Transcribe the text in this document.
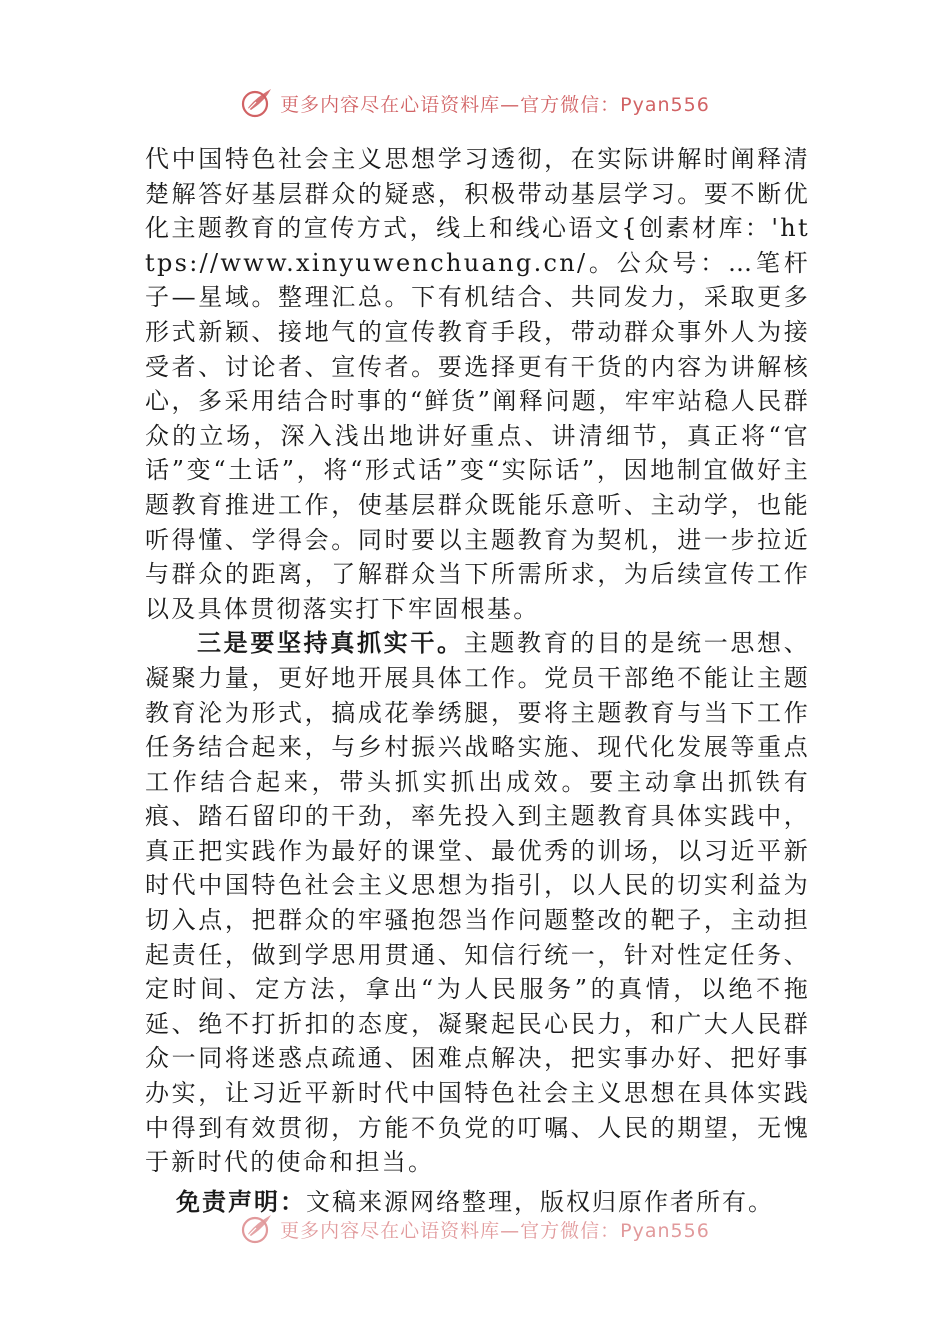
更多内容尽在心语资料库—官方微信：Pyan556

代中国特色社会主义思想学习透彻，在实际讲解时阐释清楚解答好基层群众的疑惑，积极带动基层学习。要不断优化主题教育的宣传方式，线上和线心语文{创素材库：'https://www.xinyuwenchuang.cn/。公众号：…笔杆子—星域。整理汇总。下有机结合、共同发力，采取更多形式新颖、接地气的宣传教育手段，带动群众事外人为接受者、讨论者、宣传者。要选择更有干货的内容为讲解核心，多采用结合时事的“鲜货”阐释问题，牢牢站稳人民群众的立场，深入浅出地讲好重点、讲清细节，真正将“官话”变“土话”，将“形式话”变“实际话”，因地制宜做好主题教育推进工作，使基层群众既能乐意听、主动学，也能听得懂、学得会。同时要以主题教育为契机，进一步拉近与群众的距离，了解群众当下所需所求，为后续宣传工作以及具体贯彻落实打下牢固根基。

三是要坚持真抓实干。主题教育的目的是统一思想、凝聚力量，更好地开展具体工作。党员干部绝不能让主题教育沦为形式，搞成花拳绣腿，要将主题教育与当下工作任务结合起来，与乡村振兴战略实施、现代化发展等重点工作结合起来，带头抓实抓出成效。要主动拿出抓铁有痕、踏石留印的干劲，率先投入到主题教育具体实践中，真正把实践作为最好的课堂、最优秀的训场，以习近平新时代中国特色社会主义思想为指引，以人民的切实利益为切入点，把群众的牢骚抱怨当作问题整改的靶子，主动担起责任，做到学思用贯通、知信行统一，针对性定任务、定时间、定方法，拿出“为人民服务”的真情，以绝不拖延、绝不打折扣的态度，凝聚起民心民力，和广大人民群众一同将迷惑点疏通、困难点解决，把实事办好、把好事办实，让习近平新时代中国特色社会主义思想在具体实践中得到有效贯彻，方能不负党的叮嘱、人民的期望，无愧于新时代的使命和担当。

免责声明：文稿来源网络整理，版权归原作者所有。
更多内容尽在心语资料库—官方微信：Pyan556
